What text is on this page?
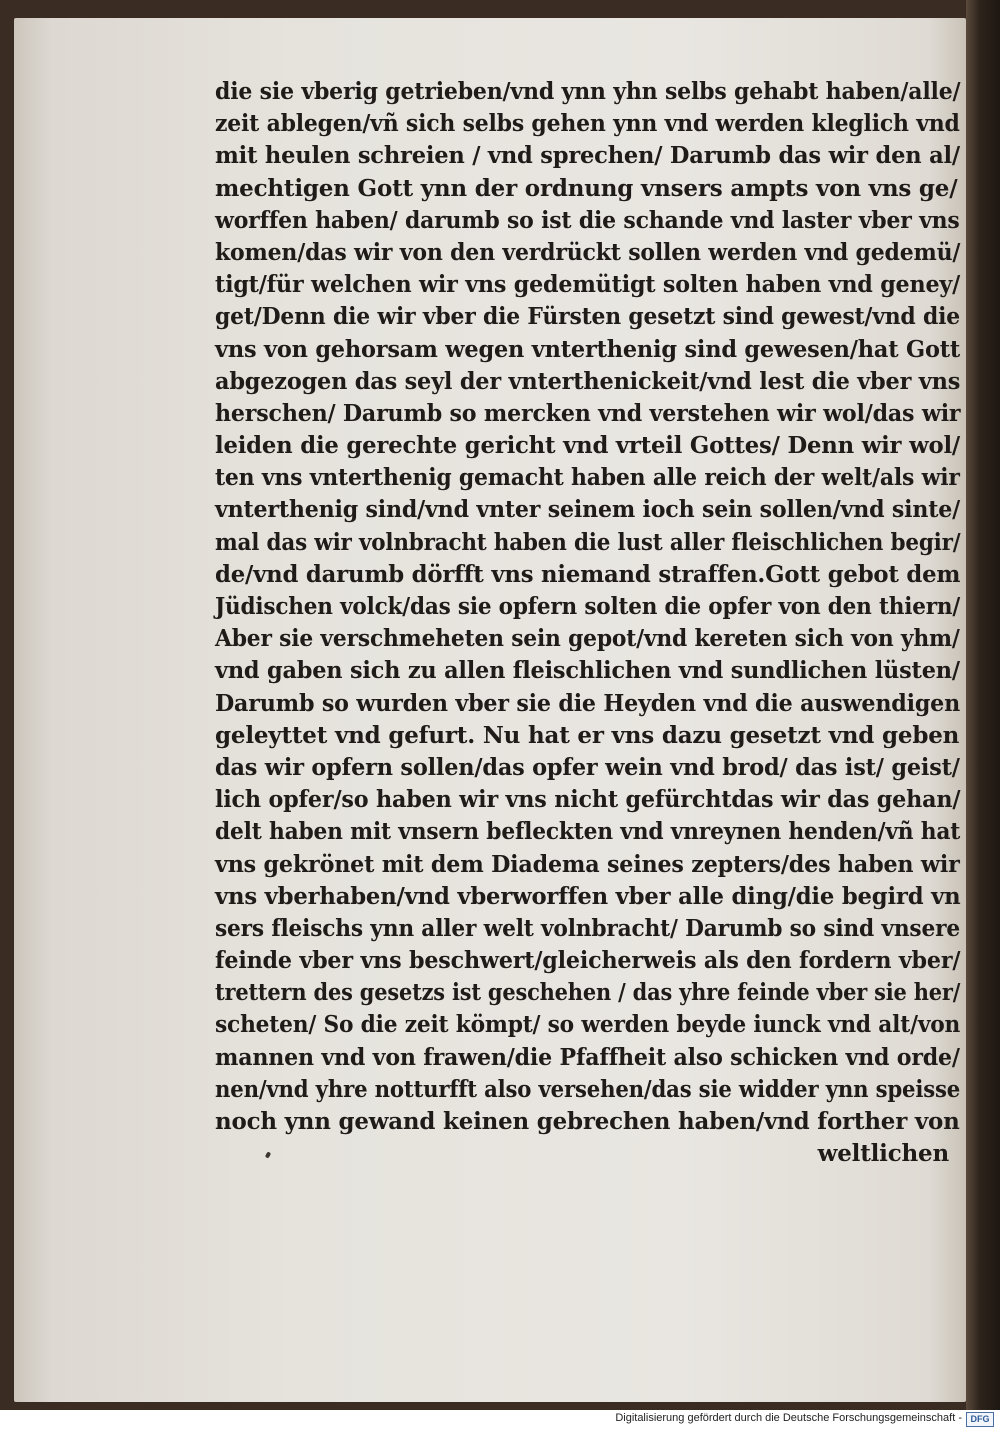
die sie vberig getrieben/vnd ynn yhn selbs gehabt haben/alle/
zeit ablegen/vñ sich selbs gehen ynn vnd werden kleglich vnd
mit heulen schreien / vnd sprechen/ Darumb das wir den al/
mechtigen Gott ynn der ordnung vnsers ampts von vns ge/
worffen haben/ darumb so ist die schande vnd laster vber vns
komen/das wir von den verdrückt sollen werden vnd gedemü/
tigt/für welchen wir vns gedemütigt solten haben vnd geney/
get/Denn die wir vber die Fürsten gesetzt sind gewest/vnd die
vns von gehorsam wegen vnterthenig sind gewesen/hat Gott
abgezogen das seyl der vnterthenickeit/vnd lest die vber vns
herschen/ Darumb so mercken vnd verstehen wir wol/das wir
leiden die gerechte gericht vnd vrteil Gottes/ Denn wir wol/
ten vns vnterthenig gemacht haben alle reich der welt/als wir
vnterthenig sind/vnd vnter seinem ioch sein sollen/vnd sinte/
mal das wir volnbracht haben die lust aller fleischlichen begir/
de/vnd darumb dörfft vns niemand straffen.Gott gebot dem
Jüdischen volck/das sie opfern solten die opfer von den thiern/
Aber sie verschmeheten sein gepot/vnd kereten sich von yhm/
vnd gaben sich zu allen fleischlichen vnd sundlichen lüsten/
Darumb so wurden vber sie die Heyden vnd die auswendigen
geleyttet vnd gefurt. Nu hat er vns dazu gesetzt vnd geben
das wir opfern sollen/das opfer wein vnd brod/ das ist/ geist/
lich opfer/so haben wir vns nicht gefürchtdas wir das gehan/
delt haben mit vnsern befleckten vnd vnreynen henden/vñ hat
vns gekrönet mit dem Diadema seines zepters/des haben wir
vns vberhaben/vnd vberworffen vber alle ding/die begird vn
sers fleischs ynn aller welt volnbracht/ Darumb so sind vnsere
feinde vber vns beschwert/gleicherweis als den fordern vber/
trettern des gesetzs ist geschehen / das yhre feinde vber sie her/
scheten/ So die zeit kömpt/ so werden beyde iunck vnd alt/von
mannen vnd von frawen/die Pfaffheit also schicken vnd orde/
nen/vnd yhre notturfft also versehen/das sie widder ynn speisse
noch ynn gewand keinen gebrechen haben/vnd forther von
weltlichen
Digitalisierung gefördert durch die Deutsche Forschungsgemeinschaft - DFG
